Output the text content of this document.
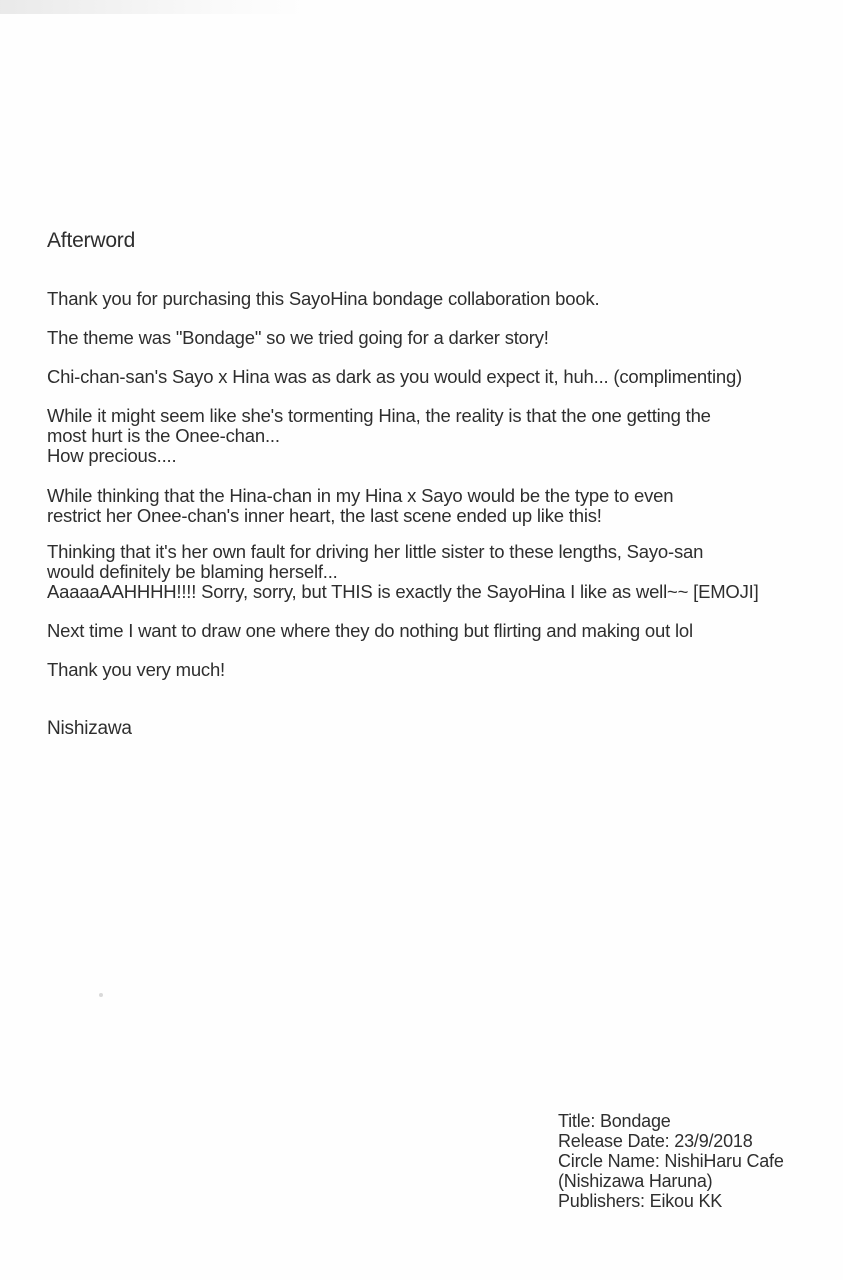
Afterword
Thank you for purchasing this SayoHina bondage collaboration book.
The theme was "Bondage" so we tried going for a darker story!
Chi-chan-san's Sayo x Hina was as dark as you would expect it, huh... (complimenting)
While it might seem like she's tormenting Hina, the reality is that the one getting the
most hurt is the Onee-chan...
How precious....
While thinking that the Hina-chan in my Hina x Sayo would be the type to even
restrict her Onee-chan's inner heart, the last scene ended up like this!
Thinking that it's her own fault for driving her little sister to these lengths, Sayo-san
would definitely be blaming herself...
AaaaaAAHHHH!!!! Sorry, sorry, but THIS is exactly the SayoHina I like as well~~ [EMOJI]
Next time I want to draw one where they do nothing but flirting and making out lol
Thank you very much!
Nishizawa
Title: Bondage
Release Date: 23/9/2018
Circle Name: NishiHaru Cafe
(Nishizawa Haruna)
Publishers: Eikou KK
